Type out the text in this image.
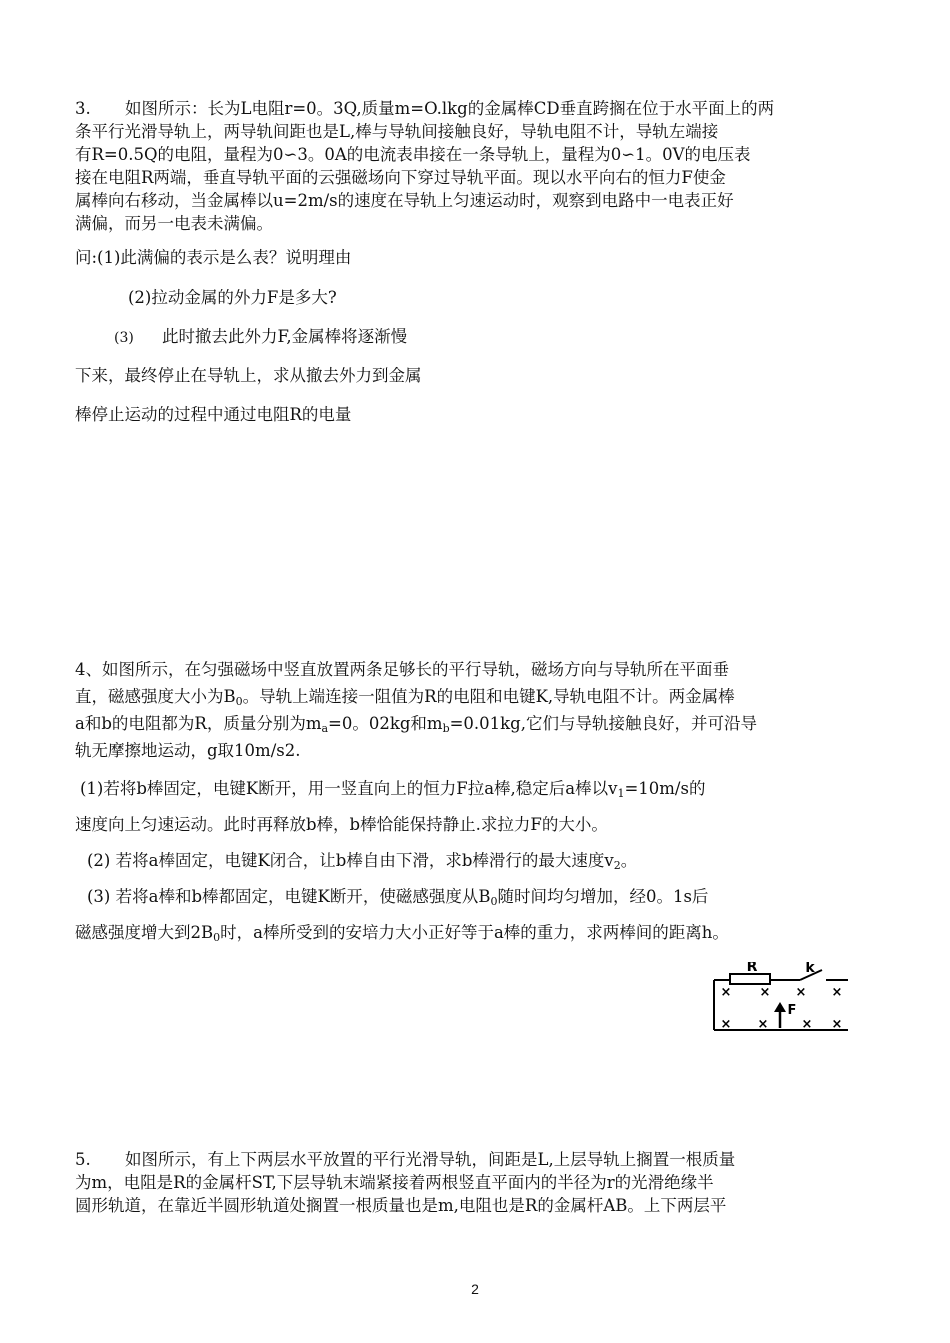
3. 如图所示：长为L电阻r=0。3Q,质量m=O.lkg的金属棒CD垂直跨搁在位于水平面上的两
条平行光滑导轨上，两导轨间距也是L,棒与导轨间接触良好，导轨电阻不计，导轨左端接
有R=0.5Q的电阻，量程为0∽3。0A的电流表串接在一条导轨上，量程为0∽1。0V的电压表
接在电阻R两端，垂直导轨平面的云强磁场向下穿过导轨平面。现以水平向右的恒力F使金
属棒向右移动，当金属棒以u=2m/s的速度在导轨上匀速运动时，观察到电路中一电表正好
满偏，而另一电表未满偏。
问:(1)此满偏的表示是么表？说明理由
(2)拉动金属的外力F是多大?
(3) 此时撤去此外力F,金属棒将逐渐慢
下来，最终停止在导轨上，求从撤去外力到金属
棒停止运动的过程中通过电阻R的电量
4、如图所示，在匀强磁场中竖直放置两条足够长的平行导轨，磁场方向与导轨所在平面垂
直，磁感强度大小为$B_0$。导轨上端连接一阻值为R的电阻和电键K,导轨电阻不计。两金属棒
a和b的电阻都为R，质量分别为$m_a=0$。02kg和$m_b=0.01kg$,它们与导轨接触良好，并可沿导
轨无摩擦地运动，g取10m/s2.
(1)若将b棒固定，电键K断开，用一竖直向上的恒力F拉a棒,稳定后a棒以$v_1=10m/s$的
速度向上匀速运动。此时再释放b棒，b棒恰能保持静止.求拉力F的大小。
(2) 若将a棒固定，电键K闭合，让b棒自由下滑，求b棒滑行的最大速度$v_2$。
(3) 若将a棒和b棒都固定，电键K断开，使磁感强度从$B_0$随时间均匀增加，经0。1s后
磁感强度增大到$2B_0$时，a棒所受到的安培力大小正好等于a棒的重力，求两棒间的距离h。
R	k
F
× × × ×
× ×	× ×
5. 如图所示，有上下两层水平放置的平行光滑导轨，间距是L,上层导轨上搁置一根质量
为m，电阻是R的金属杆ST,下层导轨末端紧接着两根竖直平面内的半径为r的光滑绝缘半
圆形轨道，在靠近半圆形轨道处搁置一根质量也是m,电阻也是R的金属杆AB。上下两层平
2
